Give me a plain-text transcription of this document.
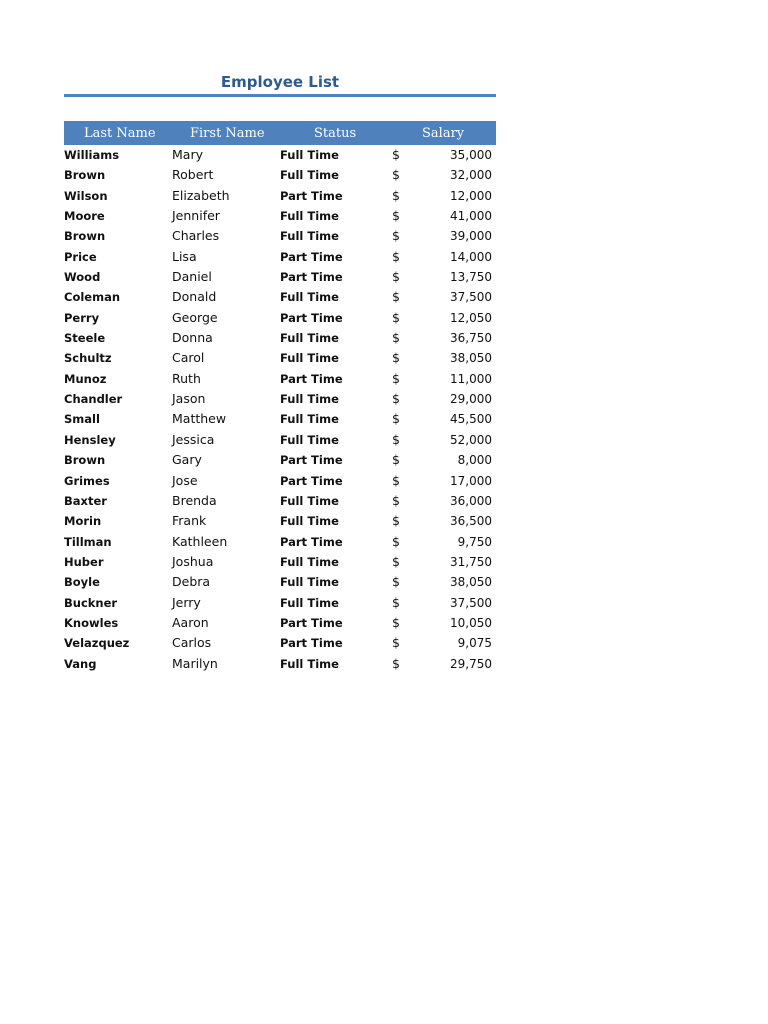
Employee List
Last Name	First Name	Status	Salary
Williams	Mary	Full Time	$	35,000
Brown	Robert	Full Time	$	32,000
Wilson	Elizabeth	Part Time	$	12,000
Moore	Jennifer	Full Time	$	41,000
Brown	Charles	Full Time	$	39,000
Price	Lisa	Part Time	$	14,000
Wood	Daniel	Part Time	$	13,750
Coleman	Donald	Full Time	$	37,500
Perry	George	Part Time	$	12,050
Steele	Donna	Full Time	$	36,750
Schultz	Carol	Full Time	$	38,050
Munoz	Ruth	Part Time	$	11,000
Chandler	Jason	Full Time	$	29,000
Small	Matthew	Full Time	$	45,500
Hensley	Jessica	Full Time	$	52,000
Brown	Gary	Part Time	$	8,000
Grimes	Jose	Part Time	$	17,000
Baxter	Brenda	Full Time	$	36,000
Morin	Frank	Full Time	$	36,500
Tillman	Kathleen	Part Time	$	9,750
Huber	Joshua	Full Time	$	31,750
Boyle	Debra	Full Time	$	38,050
Buckner	Jerry	Full Time	$	37,500
Knowles	Aaron	Part Time	$	10,050
Velazquez	Carlos	Part Time	$	9,075
Vang	Marilyn	Full Time	$	29,750
